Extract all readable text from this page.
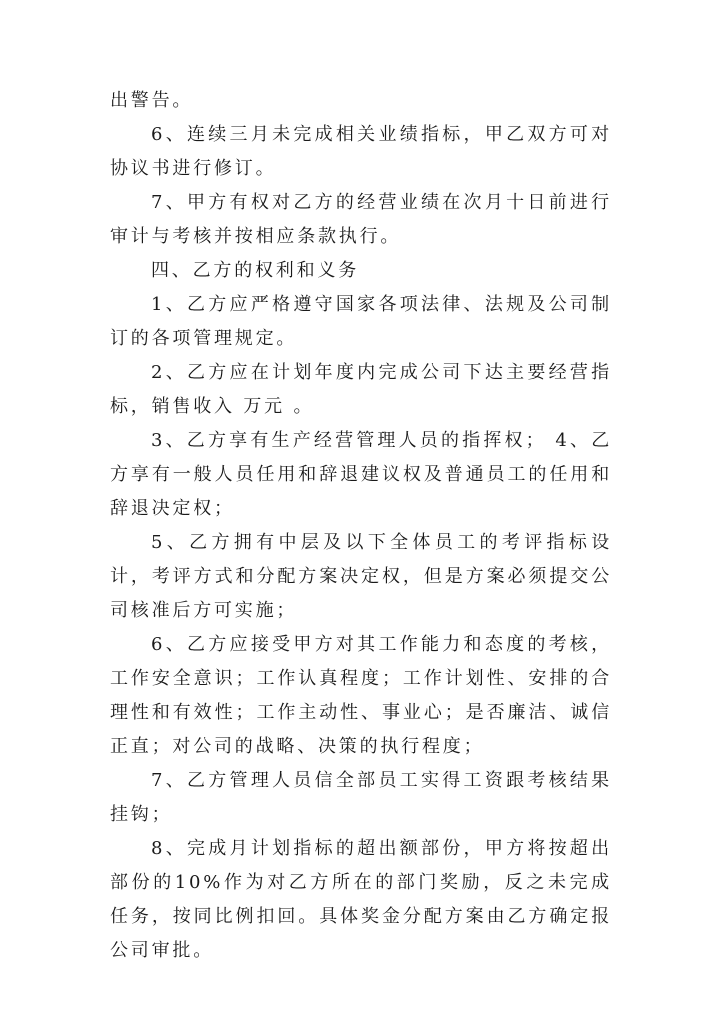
出警告。

6、连续三月未完成相关业绩指标，甲乙双方可对协议书进行修订。

7、甲方有权对乙方的经营业绩在次月十日前进行审计与考核并按相应条款执行。

四、乙方的权利和义务

1、乙方应严格遵守国家各项法律、法规及公司制订的各项管理规定。

2、乙方应在计划年度内完成公司下达主要经营指标，销售收入 万元 。

3、乙方享有生产经营管理人员的指挥权； 4、乙方享有一般人员任用和辞退建议权及普通员工的任用和辞退决定权；

5、乙方拥有中层及以下全体员工的考评指标设计，考评方式和分配方案决定权，但是方案必须提交公司核准后方可实施；

6、乙方应接受甲方对其工作能力和态度的考核，工作安全意识；工作认真程度；工作计划性、安排的合理性和有效性；工作主动性、事业心；是否廉洁、诚信正直；对公司的战略、决策的执行程度；

7、乙方管理人员信全部员工实得工资跟考核结果挂钩；

8、完成月计划指标的超出额部份，甲方将按超出部份的10%作为对乙方所在的部门奖励，反之未完成任务，按同比例扣回。具体奖金分配方案由乙方确定报公司审批。
